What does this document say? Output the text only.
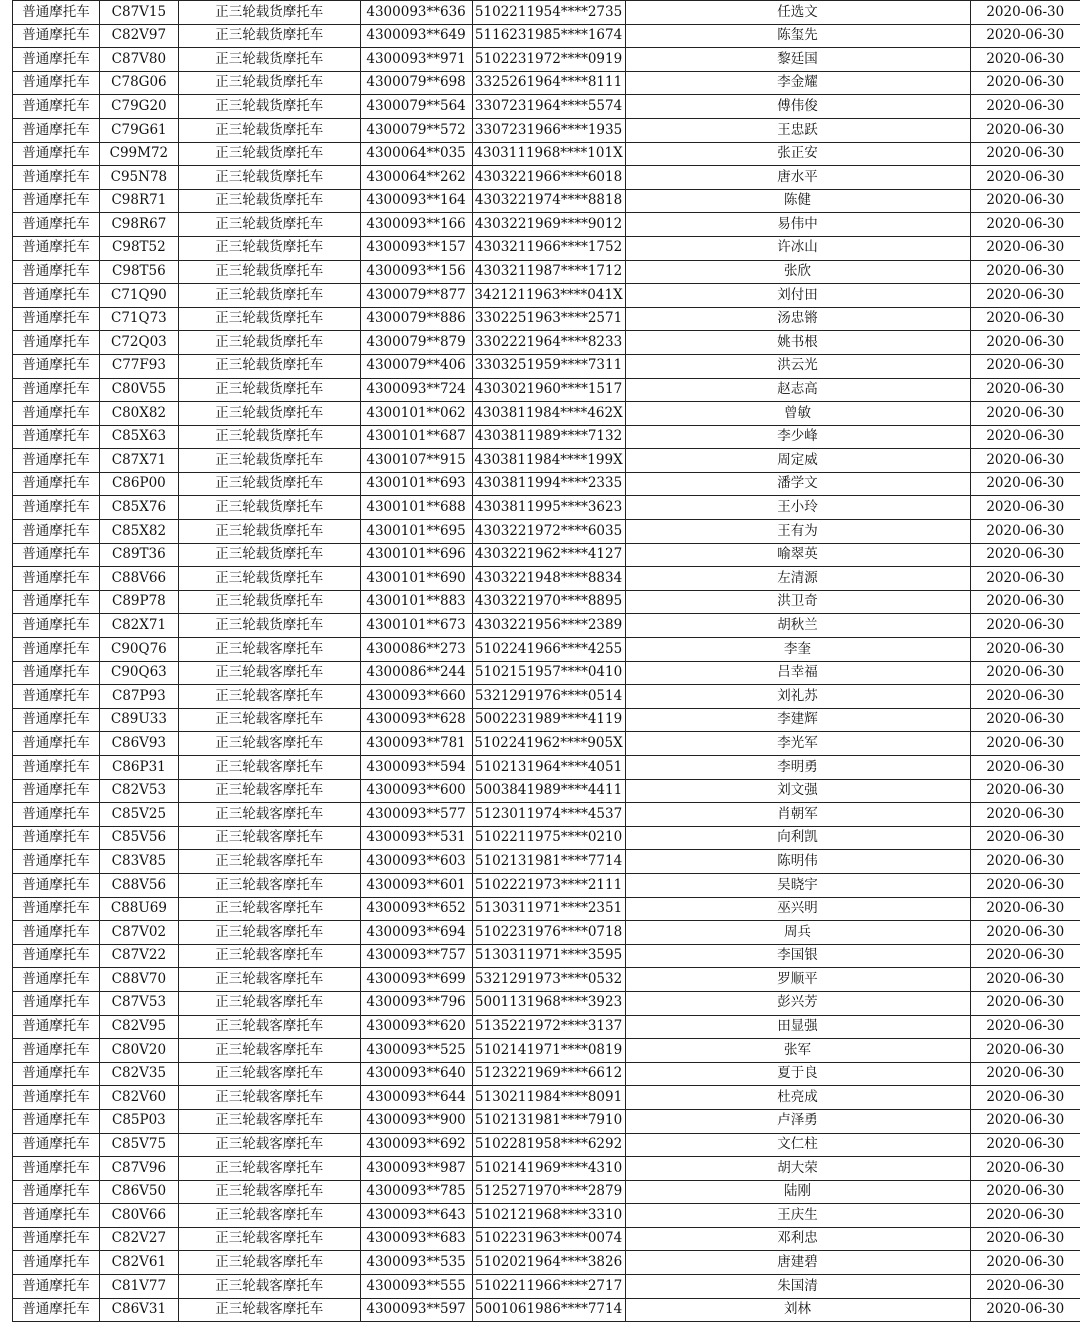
普通摩托车	C87V15	正三轮载货摩托车	4300093**636	5102211954****2735	任选文	2020-06-30
普通摩托车	C82V97	正三轮载货摩托车	4300093**649	5116231985****1674	陈玺先	2020-06-30
普通摩托车	C87V80	正三轮载货摩托车	4300093**971	5102231972****0919	黎廷国	2020-06-30
普通摩托车	C78G06	正三轮载货摩托车	4300079**698	3325261964****8111	李金耀	2020-06-30
普通摩托车	C79G20	正三轮载货摩托车	4300079**564	3307231964****5574	傅伟俊	2020-06-30
普通摩托车	C79G61	正三轮载货摩托车	4300079**572	3307231966****1935	王忠跃	2020-06-30
普通摩托车	C99M72	正三轮载货摩托车	4300064**035	4303111968****101X	张正安	2020-06-30
普通摩托车	C95N78	正三轮载货摩托车	4300064**262	4303221966****6018	唐水平	2020-06-30
普通摩托车	C98R71	正三轮载货摩托车	4300093**164	4303221974****8818	陈健	2020-06-30
普通摩托车	C98R67	正三轮载货摩托车	4300093**166	4303221969****9012	易伟中	2020-06-30
普通摩托车	C98T52	正三轮载货摩托车	4300093**157	4303211966****1752	许冰山	2020-06-30
普通摩托车	C98T56	正三轮载货摩托车	4300093**156	4303211987****1712	张欣	2020-06-30
普通摩托车	C71Q90	正三轮载货摩托车	4300079**877	3421211963****041X	刘付田	2020-06-30
普通摩托车	C71Q73	正三轮载货摩托车	4300079**886	3302251963****2571	汤忠锵	2020-06-30
普通摩托车	C72Q03	正三轮载货摩托车	4300079**879	3302221964****8233	姚书根	2020-06-30
普通摩托车	C77F93	正三轮载货摩托车	4300079**406	3303251959****7311	洪云光	2020-06-30
普通摩托车	C80V55	正三轮载货摩托车	4300093**724	4303021960****1517	赵志高	2020-06-30
普通摩托车	C80X82	正三轮载货摩托车	4300101**062	4303811984****462X	曾敏	2020-06-30
普通摩托车	C85X63	正三轮载货摩托车	4300101**687	4303811989****7132	李少峰	2020-06-30
普通摩托车	C87X71	正三轮载货摩托车	4300107**915	4303811984****199X	周定威	2020-06-30
普通摩托车	C86P00	正三轮载货摩托车	4300101**693	4303811994****2335	潘学文	2020-06-30
普通摩托车	C85X76	正三轮载货摩托车	4300101**688	4303811995****3623	王小玲	2020-06-30
普通摩托车	C85X82	正三轮载货摩托车	4300101**695	4303221972****6035	王有为	2020-06-30
普通摩托车	C89T36	正三轮载货摩托车	4300101**696	4303221962****4127	喻翠英	2020-06-30
普通摩托车	C88V66	正三轮载货摩托车	4300101**690	4303221948****8834	左清源	2020-06-30
普通摩托车	C89P78	正三轮载货摩托车	4300101**883	4303221970****8895	洪卫奇	2020-06-30
普通摩托车	C82X71	正三轮载货摩托车	4300101**673	4303221956****2389	胡秋兰	2020-06-30
普通摩托车	C90Q76	正三轮载客摩托车	4300086**273	5102241966****4255	李奎	2020-06-30
普通摩托车	C90Q63	正三轮载客摩托车	4300086**244	5102151957****0410	吕幸福	2020-06-30
普通摩托车	C87P93	正三轮载客摩托车	4300093**660	5321291976****0514	刘礼苏	2020-06-30
普通摩托车	C89U33	正三轮载客摩托车	4300093**628	5002231989****4119	李建辉	2020-06-30
普通摩托车	C86V93	正三轮载客摩托车	4300093**781	5102241962****905X	李光军	2020-06-30
普通摩托车	C86P31	正三轮载客摩托车	4300093**594	5102131964****4051	李明勇	2020-06-30
普通摩托车	C82V53	正三轮载客摩托车	4300093**600	5003841989****4411	刘文强	2020-06-30
普通摩托车	C85V25	正三轮载客摩托车	4300093**577	5123011974****4537	肖朝军	2020-06-30
普通摩托车	C85V56	正三轮载客摩托车	4300093**531	5102211975****0210	向利凯	2020-06-30
普通摩托车	C83V85	正三轮载客摩托车	4300093**603	5102131981****7714	陈明伟	2020-06-30
普通摩托车	C88V56	正三轮载客摩托车	4300093**601	5102221973****2111	吴晓宇	2020-06-30
普通摩托车	C88U69	正三轮载客摩托车	4300093**652	5130311971****2351	巫兴明	2020-06-30
普通摩托车	C87V02	正三轮载客摩托车	4300093**694	5102231976****0718	周兵	2020-06-30
普通摩托车	C87V22	正三轮载客摩托车	4300093**757	5130311971****3595	李国银	2020-06-30
普通摩托车	C88V70	正三轮载客摩托车	4300093**699	5321291973****0532	罗顺平	2020-06-30
普通摩托车	C87V53	正三轮载客摩托车	4300093**796	5001131968****3923	彭兴芳	2020-06-30
普通摩托车	C82V95	正三轮载客摩托车	4300093**620	5135221972****3137	田显强	2020-06-30
普通摩托车	C80V20	正三轮载客摩托车	4300093**525	5102141971****0819	张军	2020-06-30
普通摩托车	C82V35	正三轮载客摩托车	4300093**640	5123221969****6612	夏于良	2020-06-30
普通摩托车	C82V60	正三轮载客摩托车	4300093**644	5130211984****8091	杜亮成	2020-06-30
普通摩托车	C85P03	正三轮载客摩托车	4300093**900	5102131981****7910	卢泽勇	2020-06-30
普通摩托车	C85V75	正三轮载客摩托车	4300093**692	5102281958****6292	文仁柱	2020-06-30
普通摩托车	C87V96	正三轮载客摩托车	4300093**987	5102141969****4310	胡大荣	2020-06-30
普通摩托车	C86V50	正三轮载客摩托车	4300093**785	5125271970****2879	陆刚	2020-06-30
普通摩托车	C80V66	正三轮载客摩托车	4300093**643	5102121968****3310	王庆生	2020-06-30
普通摩托车	C82V27	正三轮载客摩托车	4300093**683	5102231963****0074	邓利忠	2020-06-30
普通摩托车	C82V61	正三轮载客摩托车	4300093**535	5102021964****3826	唐建碧	2020-06-30
普通摩托车	C81V77	正三轮载客摩托车	4300093**555	5102211966****2717	朱国清	2020-06-30
普通摩托车	C86V31	正三轮载客摩托车	4300093**597	5001061986****7714	刘林	2020-06-30
